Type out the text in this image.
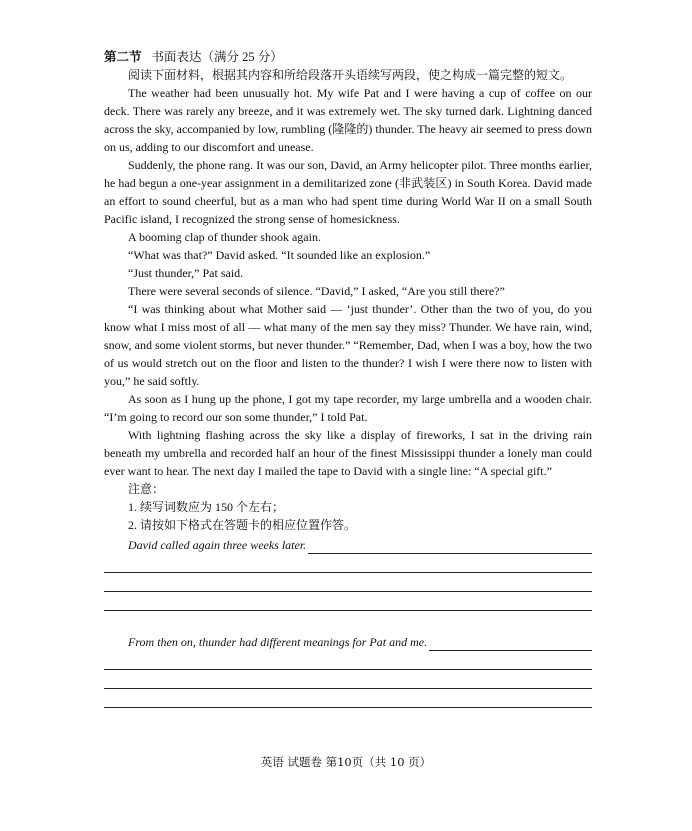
第二节 书面表达（满分 25 分）

阅读下面材料，根据其内容和所给段落开头语续写两段，使之构成一篇完整的短文。

The weather had been unusually hot. My wife Pat and I were having a cup of coffee on our deck. There was rarely any breeze, and it was extremely wet. The sky turned dark. Lightning danced across the sky, accompanied by low, rumbling (隆隆的) thunder. The heavy air seemed to press down on us, adding to our discomfort and unease.

Suddenly, the phone rang. It was our son, David, an Army helicopter pilot. Three months earlier, he had begun a one-year assignment in a demilitarized zone (非武装区) in South Korea. David made an effort to sound cheerful, but as a man who had spent time during World War II on a small South Pacific island, I recognized the strong sense of homesickness.

A booming clap of thunder shook again.

“What was that?” David asked. “It sounded like an explosion.”

“Just thunder,” Pat said.

There were several seconds of silence. “David,” I asked, “Are you still there?”

“I was thinking about what Mother said — ‘just thunder’. Other than the two of you, do you know what I miss most of all — what many of the men say they miss? Thunder. We have rain, wind, snow, and some violent storms, but never thunder.” “Remember, Dad, when I was a boy, how the two of us would stretch out on the floor and listen to the thunder? I wish I were there now to listen with you,” he said softly.

As soon as I hung up the phone, I got my tape recorder, my large umbrella and a wooden chair. “I’m going to record our son some thunder,” I told Pat.

With lightning flashing across the sky like a display of fireworks, I sat in the driving rain beneath my umbrella and recorded half an hour of the finest Mississippi thunder a lonely man could ever want to hear. The next day I mailed the tape to David with a single line: “A special gift.”

注意：
1. 续写词数应为 150 个左右；
2. 请按如下格式在答题卡的相应位置作答。
David called again three weeks later.
From then on, thunder had different meanings for Pat and me.
英语 试题卷 第10页（共 10 页）
